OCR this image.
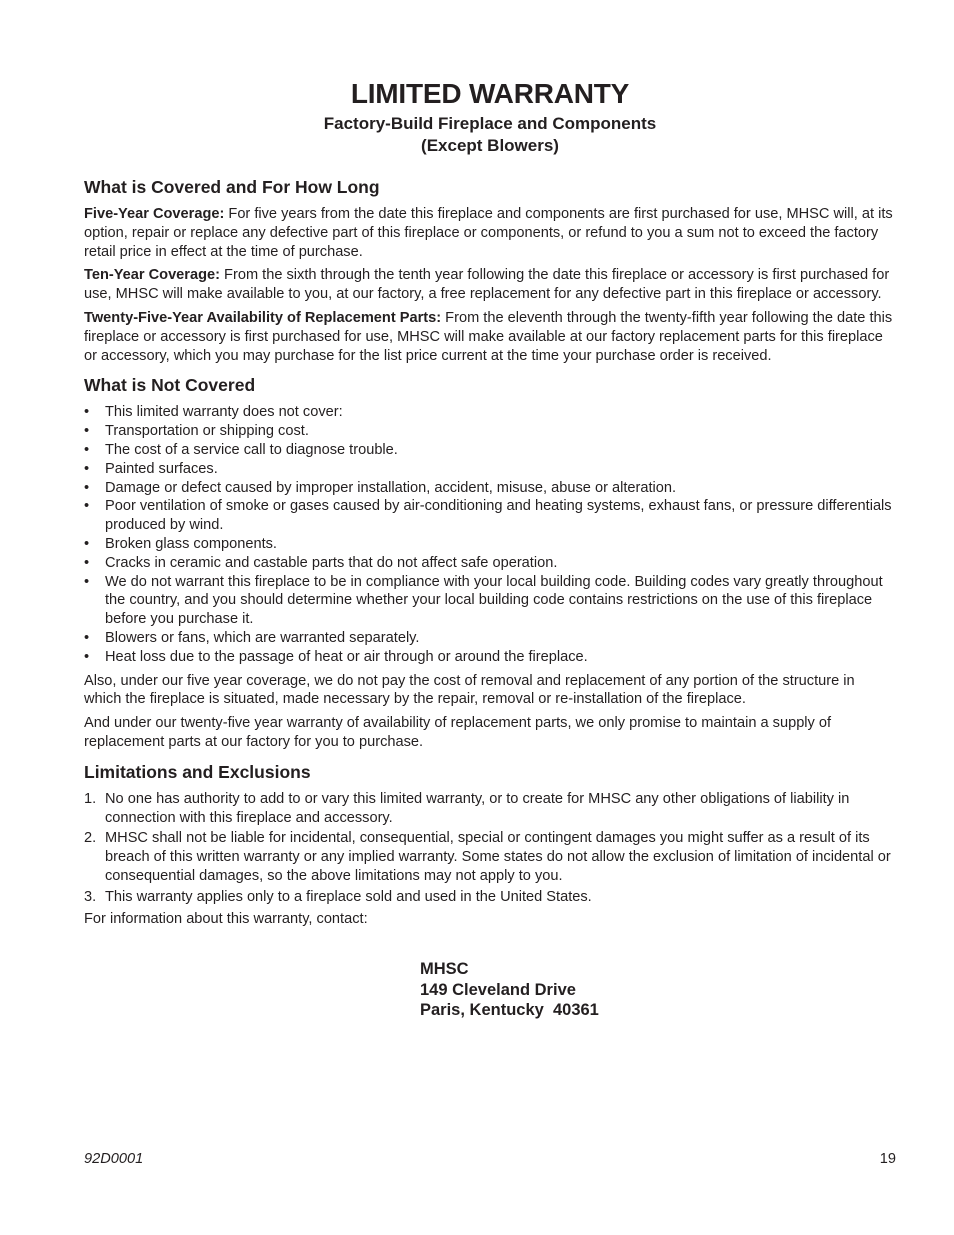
LIMITED WARRANTY
Factory-Build Fireplace and Components
(Except Blowers)
What is Covered and For How Long

Five-Year Coverage: For five years from the date this fireplace and components are first purchased for use, MHSC will, at its option, repair or replace any defective part of this fireplace or components, or refund to you a sum not to exceed the factory retail price in effect at the time of purchase.

Ten-Year Coverage: From the sixth through the tenth year following the date this fireplace or accessory is first purchased for use, MHSC will make available to you, at our factory, a free replacement for any defective part in this fireplace or accessory.

Twenty-Five-Year Availability of Replacement Parts: From the eleventh through the twenty-fifth year following the date this fireplace or accessory is first purchased for use, MHSC will make available at our factory replacement parts for this fireplace or accessory, which you may purchase for the list price current at the time your purchase order is received.

What is Not Covered
• This limited warranty does not cover:
• Transportation or shipping cost.
• The cost of a service call to diagnose trouble.
• Painted surfaces.
• Damage or defect caused by improper installation, accident, misuse, abuse or alteration.
• Poor ventilation of smoke or gases caused by air-conditioning and heating systems, exhaust fans, or pressure differentials produced by wind.
• Broken glass components.
• Cracks in ceramic and castable parts that do not affect safe operation.
• We do not warrant this fireplace to be in compliance with your local building code. Building codes vary greatly throughout the country, and you should determine whether your local building code contains restrictions on the use of this fireplace before you purchase it.
• Blowers or fans, which are warranted separately.
• Heat loss due to the passage of heat or air through or around the fireplace.

Also, under our five year coverage, we do not pay the cost of removal and replacement of any portion of the structure in which the fireplace is situated, made necessary by the repair, removal or re-installation of the fireplace.

And under our twenty-five year warranty of availability of replacement parts, we only promise to maintain a supply of replacement parts at our factory for you to purchase.

Limitations and Exclusions
1. No one has authority to add to or vary this limited warranty, or to create for MHSC any other obligations of liability in connection with this fireplace and accessory.
2. MHSC shall not be liable for incidental, consequential, special or contingent damages you might suffer as a result of its breach of this written warranty or any implied warranty. Some states do not allow the exclusion of limitation of incidental or consequential damages, so the above limitations may not apply to you.
3. This warranty applies only to a fireplace sold and used in the United States.

For information about this warranty, contact:

MHSC
149 Cleveland Drive
Paris, Kentucky  40361
92D0001	19
